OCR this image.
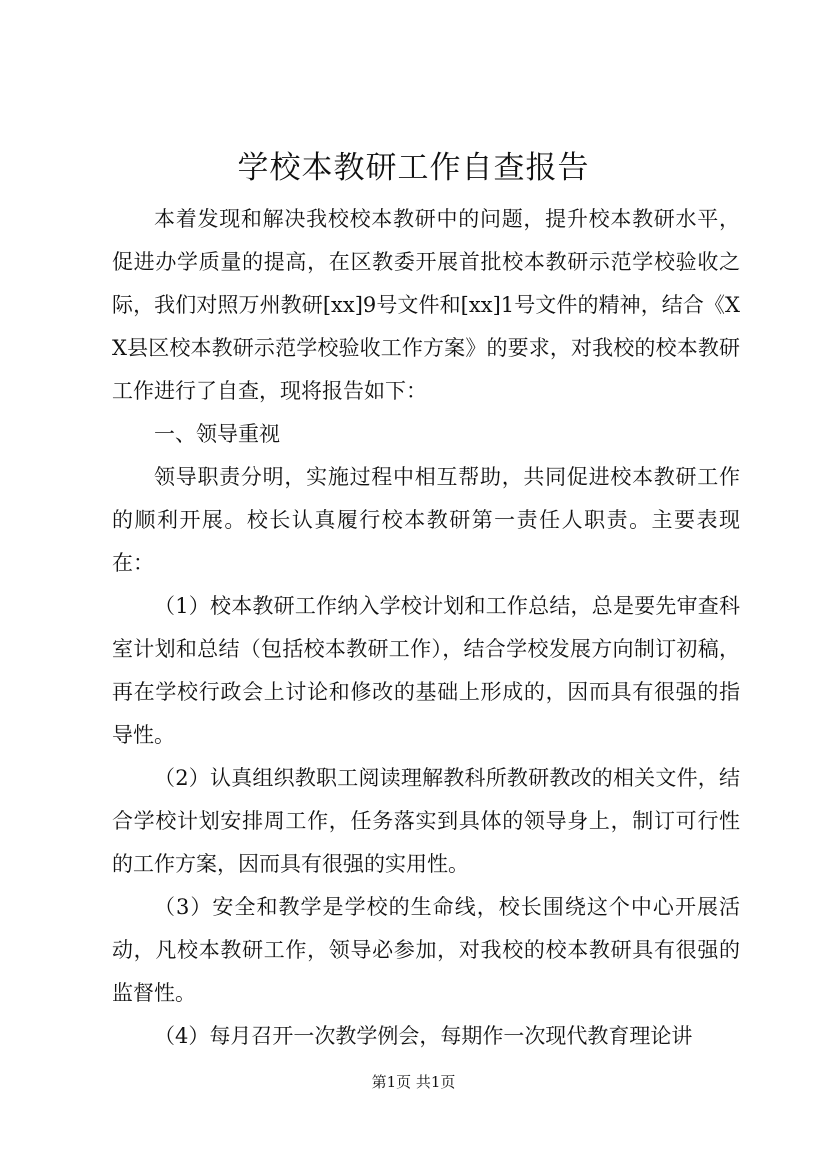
学校本教研工作自查报告

本着发现和解决我校校本教研中的问题，提升校本教研水平，促进办学质量的提高，在区教委开展首批校本教研示范学校验收之际，我们对照万州教研[xx]9号文件和[xx]1号文件的精神，结合《XX县区校本教研示范学校验收工作方案》的要求，对我校的校本教研工作进行了自查，现将报告如下：

一、领导重视

领导职责分明，实施过程中相互帮助，共同促进校本教研工作的顺利开展。校长认真履行校本教研第一责任人职责。主要表现在：

（1）校本教研工作纳入学校计划和工作总结，总是要先审查科室计划和总结（包括校本教研工作），结合学校发展方向制订初稿，再在学校行政会上讨论和修改的基础上形成的，因而具有很强的指导性。

（2）认真组织教职工阅读理解教科所教研教改的相关文件，结合学校计划安排周工作，任务落实到具体的领导身上，制订可行性的工作方案，因而具有很强的实用性。

（3）安全和教学是学校的生命线，校长围绕这个中心开展活动，凡校本教研工作，领导必参加，对我校的校本教研具有很强的监督性。

（4）每月召开一次教学例会，每期作一次现代教育理论讲

第1页 共1页
